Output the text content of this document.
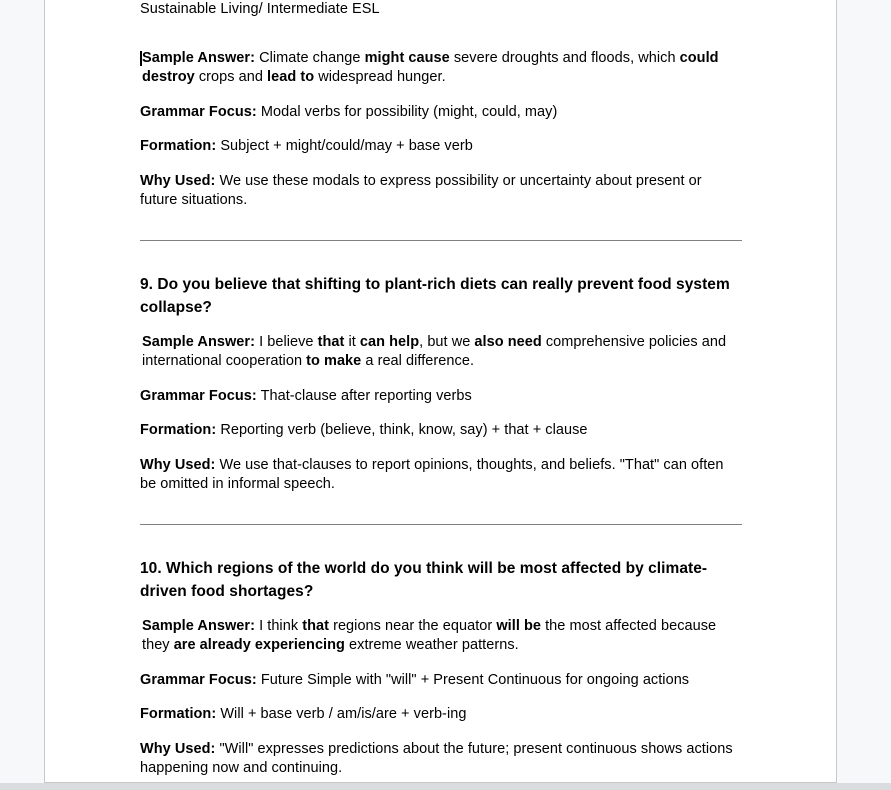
Sustainable Living/ Intermediate ESL

Sample Answer: Climate change might cause severe droughts and floods, which could destroy crops and lead to widespread hunger.

Grammar Focus: Modal verbs for possibility (might, could, may)

Formation: Subject + might/could/may + base verb

Why Used: We use these modals to express possibility or uncertainty about present or future situations.

9. Do you believe that shifting to plant-rich diets can really prevent food system collapse?

Sample Answer: I believe that it can help, but we also need comprehensive policies and international cooperation to make a real difference.

Grammar Focus: That-clause after reporting verbs

Formation: Reporting verb (believe, think, know, say) + that + clause

Why Used: We use that-clauses to report opinions, thoughts, and beliefs. "That" can often be omitted in informal speech.

10. Which regions of the world do you think will be most affected by climate-driven food shortages?

Sample Answer: I think that regions near the equator will be the most affected because they are already experiencing extreme weather patterns.

Grammar Focus: Future Simple with "will" + Present Continuous for ongoing actions

Formation: Will + base verb / am/is/are + verb-ing

Why Used: "Will" expresses predictions about the future; present continuous shows actions happening now and continuing.
